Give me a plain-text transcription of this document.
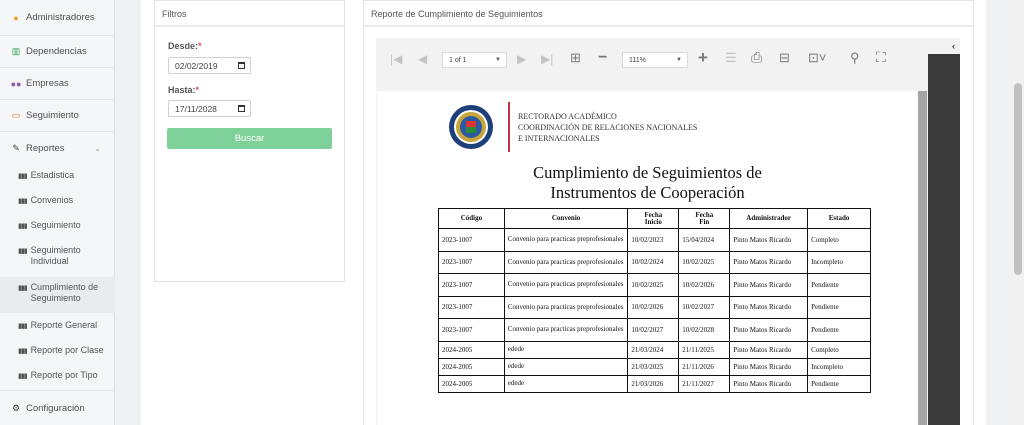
● Administradores
▥ Dependencias
●● Empresas
▭ Seguimiento
✎ Reportes	⌄
▮▮▮ Estadistica
▮▮▮ Convenios
▮▮▮ Seguimiento
▮▮▮ Seguimiento Individual
▮▮▮ Cumplimiento de Seguimiento
▮▮▮ Reporte General
▮▮▮ Reporte por Clase
▮▮▮ Reporte por Tipo
⚙ Configuración
Filtros
Desde:*
02/02/2019
Hasta:*
17/11/2028
Buscar
Reporte de Cumplimiento de Seguimientos
|◀ ◀	1 of 1	▼ ▶ ▶| ⊞ −	111%	▼ + ☰ ⎙ ⊟ ⊡˅ ⚲ ⛶
‹
RECTORADO ACADÉMICO
COORDINACIÓN DE RELACIONES NACIONALES
E INTERNACIONALES
Cumplimiento de Seguimientos de
Instrumentos de Cooperación
Código	Convenio	Fecha Inicio	Fecha Fin	Administrador	Estado
2023-1007	Convenio para practicas preprofesionales	10/02/2023	15/04/2024	Pinto Matos Ricardo	Completo
2023-1007	Convenio para practicas preprofesionales	10/02/2024	10/02/2025	Pinto Matos Ricardo	Incompleto
2023-1007	Convenio para practicas preprofesionales	10/02/2025	10/02/2026	Pinto Matos Ricardo	Pendiente
2023-1007	Convenio para practicas preprofesionales	10/02/2026	10/02/2027	Pinto Matos Ricardo	Pendiente
2023-1007	Convenio para practicas preprofesionales	10/02/2027	10/02/2028	Pinto Matos Ricardo	Pendiente
2024-2005	edede	21/03/2024	21/11/2025	Pinto Matos Ricardo	Completo
2024-2005	edede	21/03/2025	21/11/2026	Pinto Matos Ricardo	Incompleto
2024-2005	edede	21/03/2026	21/11/2027	Pinto Matos Ricardo	Pendiente
